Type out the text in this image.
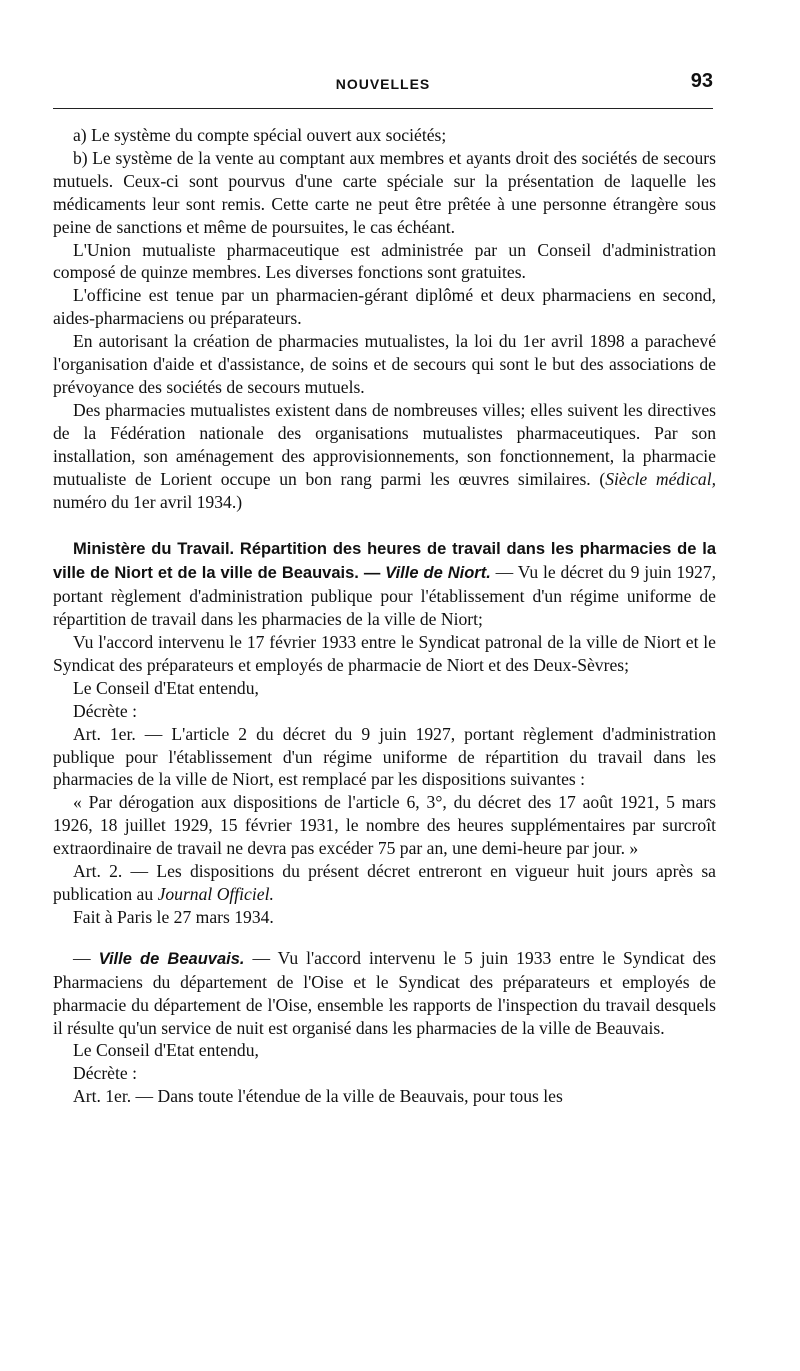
NOUVELLES	93

a) Le système du compte spécial ouvert aux sociétés;

b) Le système de la vente au comptant aux membres et ayants droit des sociétés de secours mutuels. Ceux-ci sont pourvus d'une carte spéciale sur la présentation de laquelle les médicaments leur sont remis. Cette carte ne peut être prêtée à une personne étrangère sous peine de sanctions et même de poursuites, le cas échéant.

L'Union mutualiste pharmaceutique est administrée par un Conseil d'administration composé de quinze membres. Les diverses fonctions sont gratuites.

L'officine est tenue par un pharmacien-gérant diplômé et deux pharmaciens en second, aides-pharmaciens ou préparateurs.

En autorisant la création de pharmacies mutualistes, la loi du 1er avril 1898 a parachevé l'organisation d'aide et d'assistance, de soins et de secours qui sont le but des associations de prévoyance des sociétés de secours mutuels.

Des pharmacies mutualistes existent dans de nombreuses villes; elles suivent les directives de la Fédération nationale des organisations mutualistes pharmaceutiques. Par son installation, son aménagement des approvisionnements, son fonctionnement, la pharmacie mutualiste de Lorient occupe un bon rang parmi les œuvres similaires. (Siècle médical, numéro du 1er avril 1934.)

Ministère du Travail. Répartition des heures de travail dans les pharmacies de la ville de Niort et de la ville de Beauvais. — Ville de Niort. — Vu le décret du 9 juin 1927, portant règlement d'administration publique pour l'établissement d'un régime uniforme de répartition de travail dans les pharmacies de la ville de Niort;

Vu l'accord intervenu le 17 février 1933 entre le Syndicat patronal de la ville de Niort et le Syndicat des préparateurs et employés de pharmacie de Niort et des Deux-Sèvres;

Le Conseil d'Etat entendu,

Décrète :

Art. 1er. — L'article 2 du décret du 9 juin 1927, portant règlement d'administration publique pour l'établissement d'un régime uniforme de répartition du travail dans les pharmacies de la ville de Niort, est remplacé par les dispositions suivantes :

« Par dérogation aux dispositions de l'article 6, 3°, du décret des 17 août 1921, 5 mars 1926, 18 juillet 1929, 15 février 1931, le nombre des heures supplémentaires par surcroît extraordinaire de travail ne devra pas excéder 75 par an, une demi-heure par jour. »

Art. 2. — Les dispositions du présent décret entreront en vigueur huit jours après sa publication au Journal Officiel.

Fait à Paris le 27 mars 1934.

— Ville de Beauvais. — Vu l'accord intervenu le 5 juin 1933 entre le Syndicat des Pharmaciens du département de l'Oise et le Syndicat des préparateurs et employés de pharmacie du département de l'Oise, ensemble les rapports de l'inspection du travail desquels il résulte qu'un service de nuit est organisé dans les pharmacies de la ville de Beauvais.

Le Conseil d'Etat entendu,

Décrète :

Art. 1er. — Dans toute l'étendue de la ville de Beauvais, pour tous les
